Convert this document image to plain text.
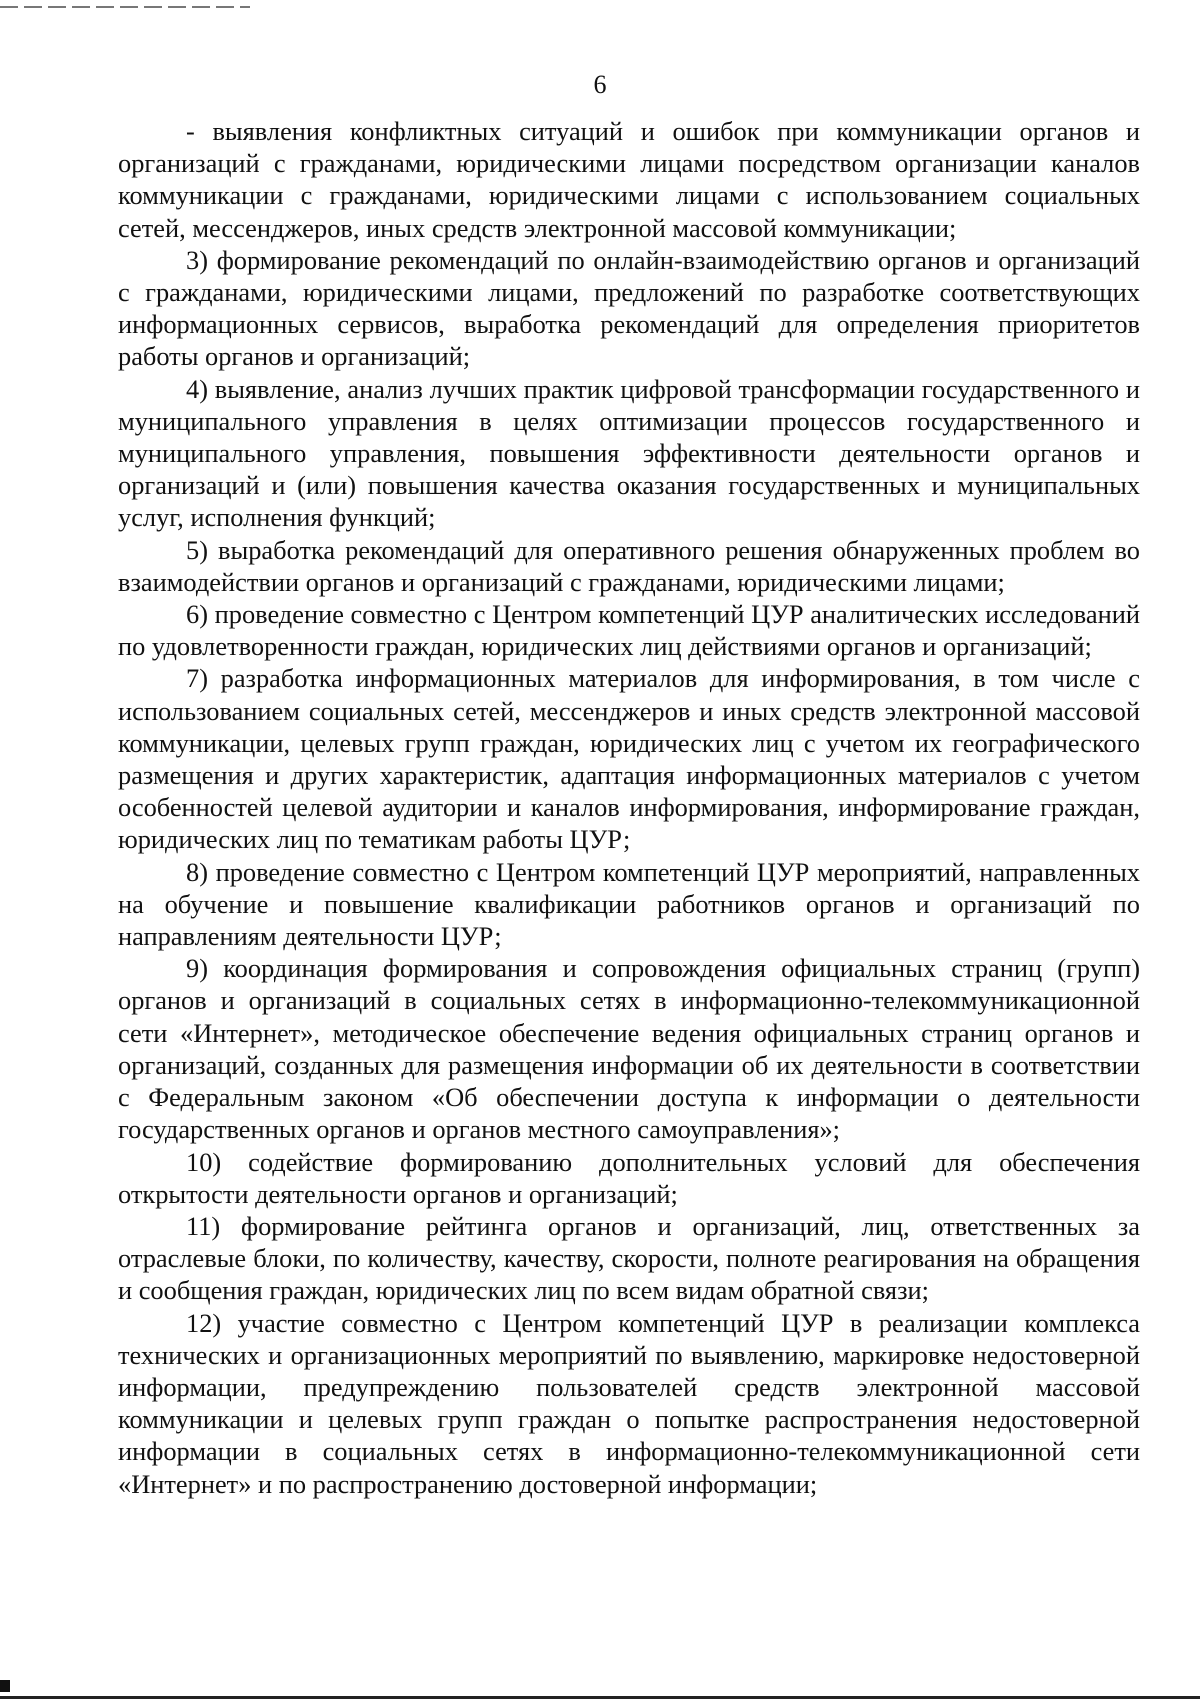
6

- выявления конфликтных ситуаций и ошибок при коммуникации органов и организаций с гражданами, юридическими лицами посредством организации каналов коммуникации с гражданами, юридическими лицами с использованием социальных сетей, мессенджеров, иных средств электронной массовой коммуникации;

3) формирование рекомендаций по онлайн-взаимодействию органов и организаций с гражданами, юридическими лицами, предложений по разработке соответствующих информационных сервисов, выработка рекомендаций для определения приоритетов работы органов и организаций;

4) выявление, анализ лучших практик цифровой трансформации государственного и муниципального управления в целях оптимизации процессов государственного и муниципального управления, повышения эффективности деятельности органов и организаций и (или) повышения качества оказания государственных и муниципальных услуг, исполнения функций;

5) выработка рекомендаций для оперативного решения обнаруженных проблем во взаимодействии органов и организаций с гражданами, юридическими лицами;

6) проведение совместно с Центром компетенций ЦУР аналитических исследований по удовлетворенности граждан, юридических лиц действиями органов и организаций;

7) разработка информационных материалов для информирования, в том числе с использованием социальных сетей, мессенджеров и иных средств электронной массовой коммуникации, целевых групп граждан, юридических лиц с учетом их географического размещения и других характеристик, адаптация информационных материалов с учетом особенностей целевой аудитории и каналов информирования, информирование граждан, юридических лиц по тематикам работы ЦУР;

8) проведение совместно с Центром компетенций ЦУР мероприятий, направленных на обучение и повышение квалификации работников органов и организаций по направлениям деятельности ЦУР;

9) координация формирования и сопровождения официальных страниц (групп) органов и организаций в социальных сетях в информационно-телекоммуникационной сети «Интернет», методическое обеспечение ведения официальных страниц органов и организаций, созданных для размещения информации об их деятельности в соответствии с Федеральным законом «Об обеспечении доступа к информации о деятельности государственных органов и органов местного самоуправления»;

10) содействие формированию дополнительных условий для обеспечения открытости деятельности органов и организаций;

11) формирование рейтинга органов и организаций, лиц, ответственных за отраслевые блоки, по количеству, качеству, скорости, полноте реагирования на обращения и сообщения граждан, юридических лиц по всем видам обратной связи;

12) участие совместно с Центром компетенций ЦУР в реализации комплекса технических и организационных мероприятий по выявлению, маркировке недостоверной информации, предупреждению пользователей средств электронной массовой коммуникации и целевых групп граждан о попытке распространения недостоверной информации в социальных сетях в информационно-телекоммуникационной сети «Интернет» и по распространению достоверной информации;
